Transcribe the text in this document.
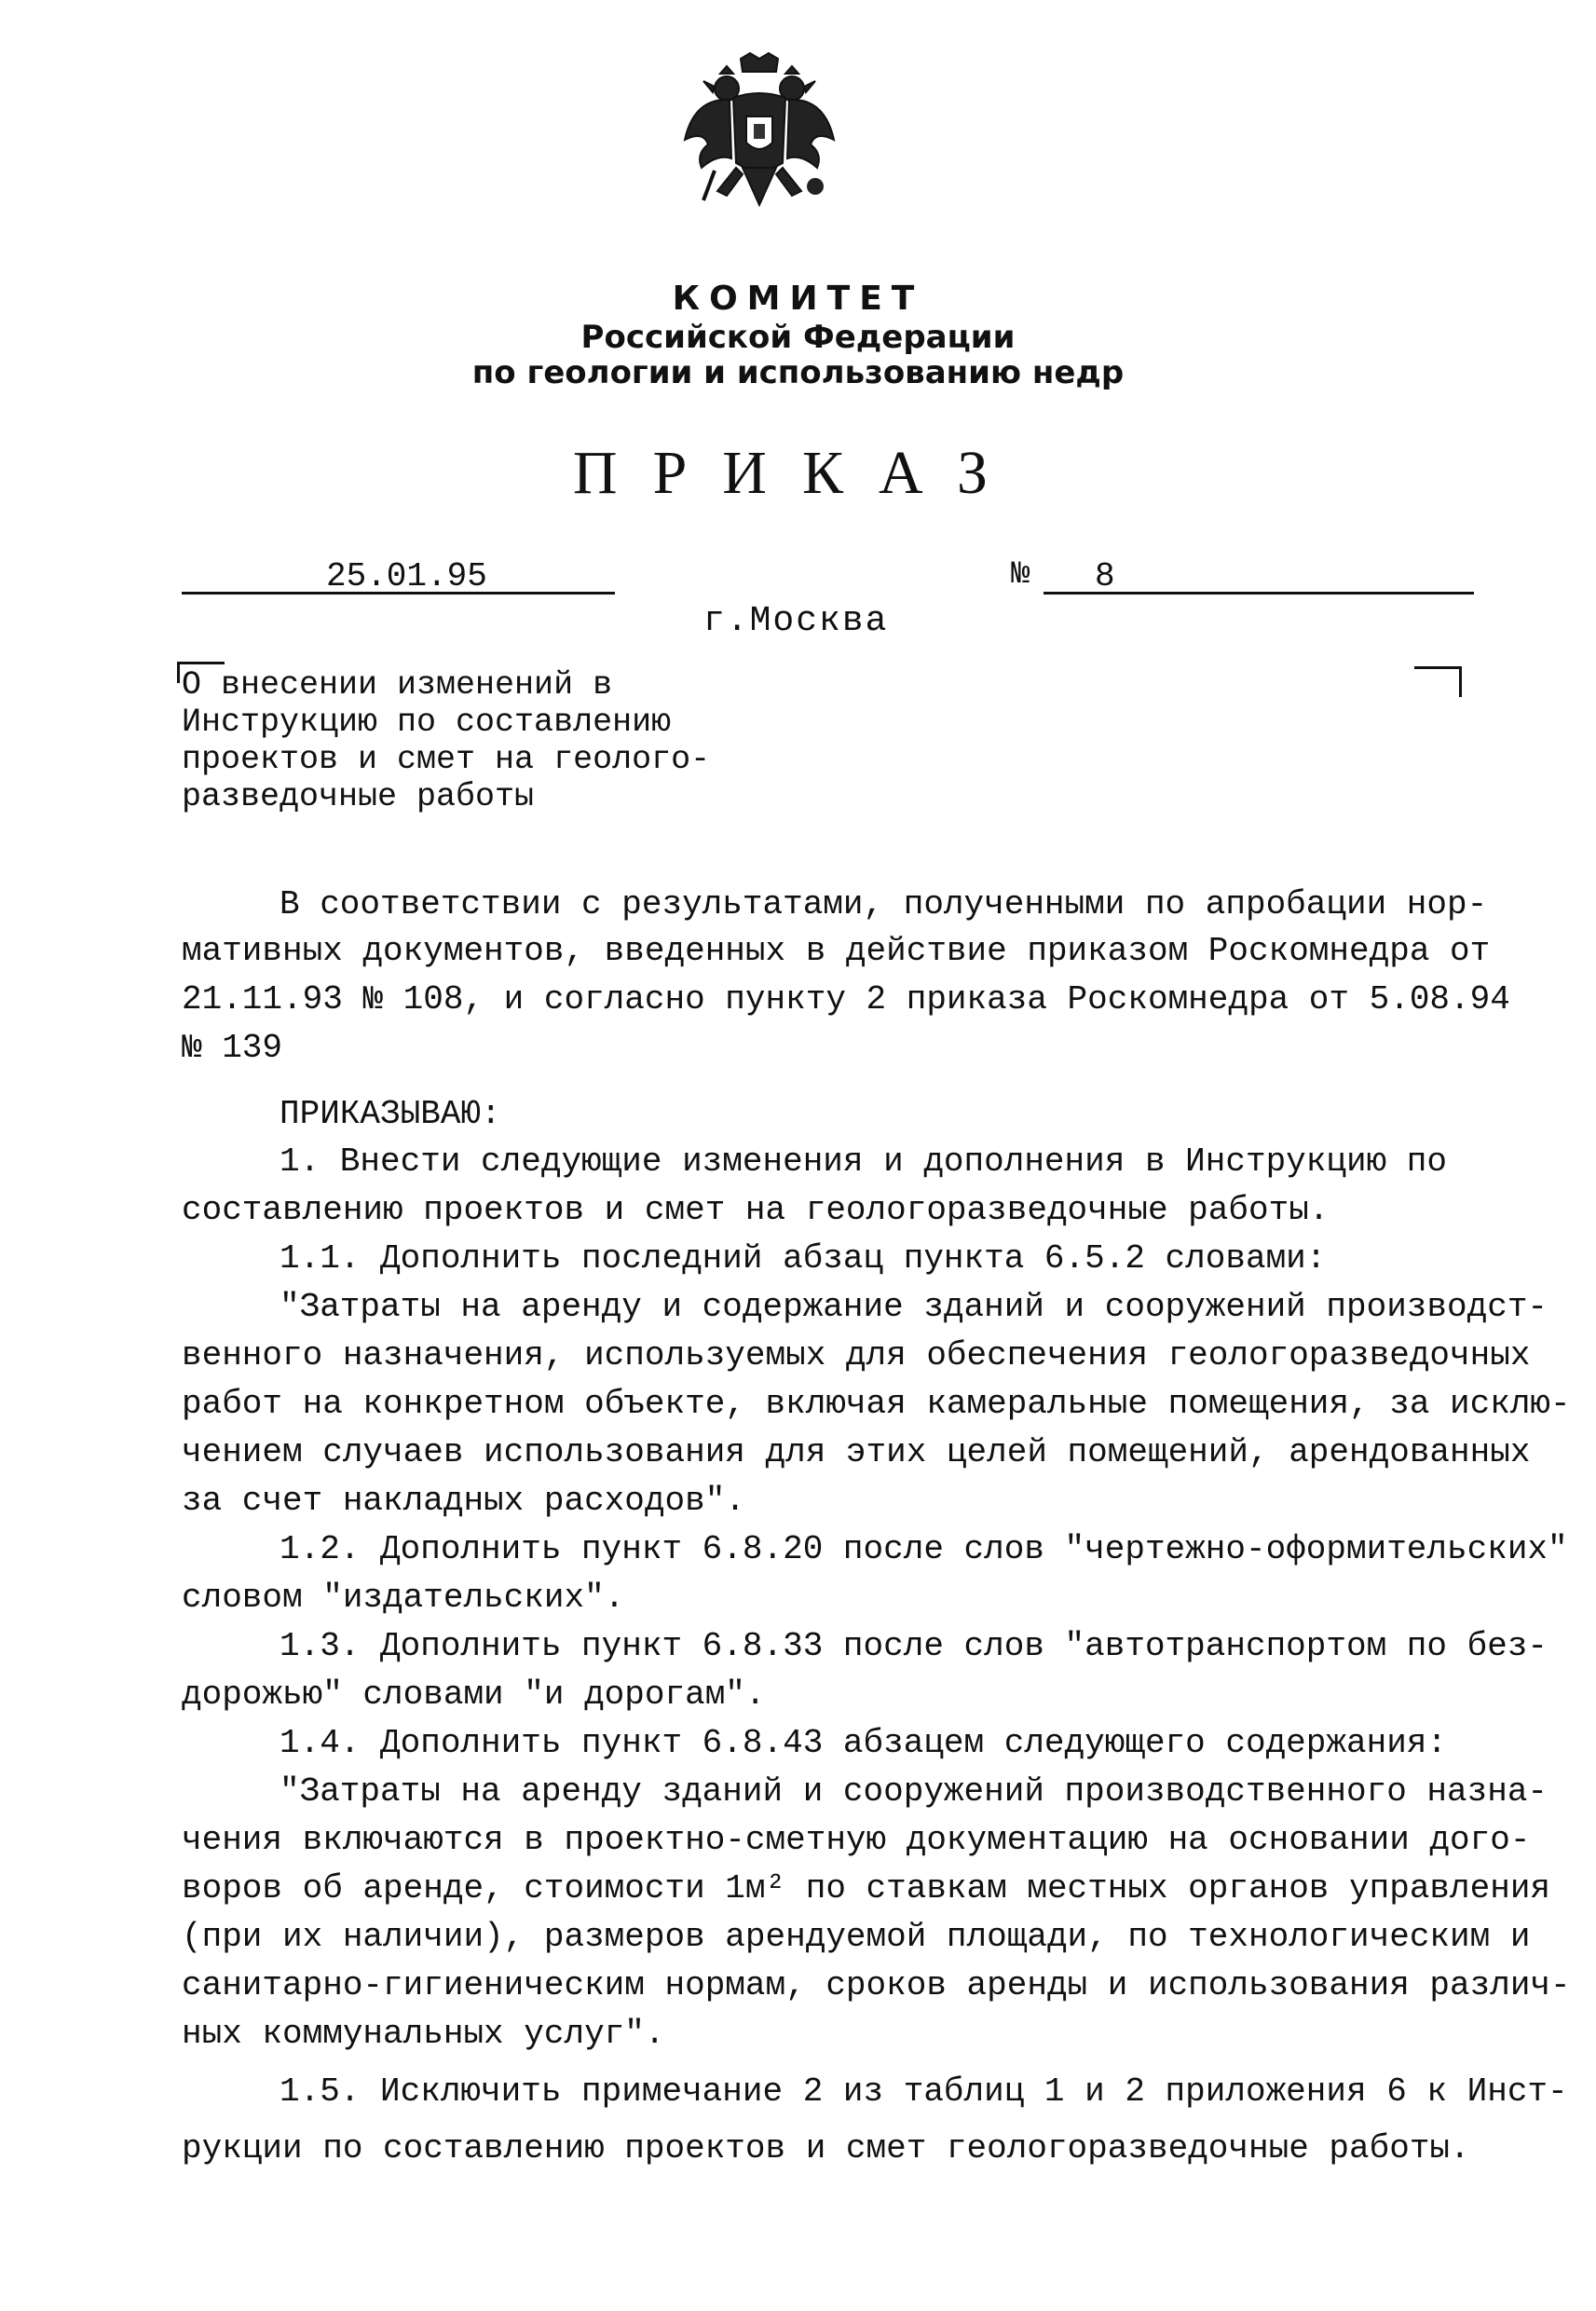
КОМИТЕТ
Российской Федерации
по геологии и использованию недр
ПРИКАЗ
25.01.95	№ 8
г.Москва
О внесении изменений в
Инструкцию по составлению
проектов и смет на геолого-
разведочные работы
В соответствии с результатами, полученными по апробации нор-
мативных документов, введенных в действие приказом Роскомнедра от
21.11.93 № 108, и согласно пункту 2 приказа Роскомнедра от 5.08.94
№ 139
ПРИКАЗЫВАЮ:
1. Внести следующие изменения и дополнения в Инструкцию по
составлению проектов и смет на геологоразведочные работы.
1.1. Дополнить последний абзац пункта 6.5.2 словами:
"Затраты на аренду и содержание зданий и сооружений производст-
венного назначения, используемых для обеспечения геологоразведочных
работ на конкретном объекте, включая камеральные помещения, за исклю-
чением случаев использования для этих целей помещений, арендованных
за счет накладных расходов".
1.2. Дополнить пункт 6.8.20 после слов "чертежно-оформительских"
словом "издательских".
1.3. Дополнить пункт 6.8.33 после слов "автотранспортом по без-
дорожью" словами "и дорогам".
1.4. Дополнить пункт 6.8.43 абзацем следующего содержания:
"Затраты на аренду зданий и сооружений производственного назна-
чения включаются в проектно-сметную документацию на основании дого-
воров об аренде, стоимости 1м² по ставкам местных органов управления
(при их наличии), размеров арендуемой площади, по технологическим и
санитарно-гигиеническим нормам, сроков аренды и использования различ-
ных коммунальных услуг".
1.5. Исключить примечание 2 из таблиц 1 и 2 приложения 6 к Инст-
рукции по составлению проектов и смет геологоразведочные работы.
